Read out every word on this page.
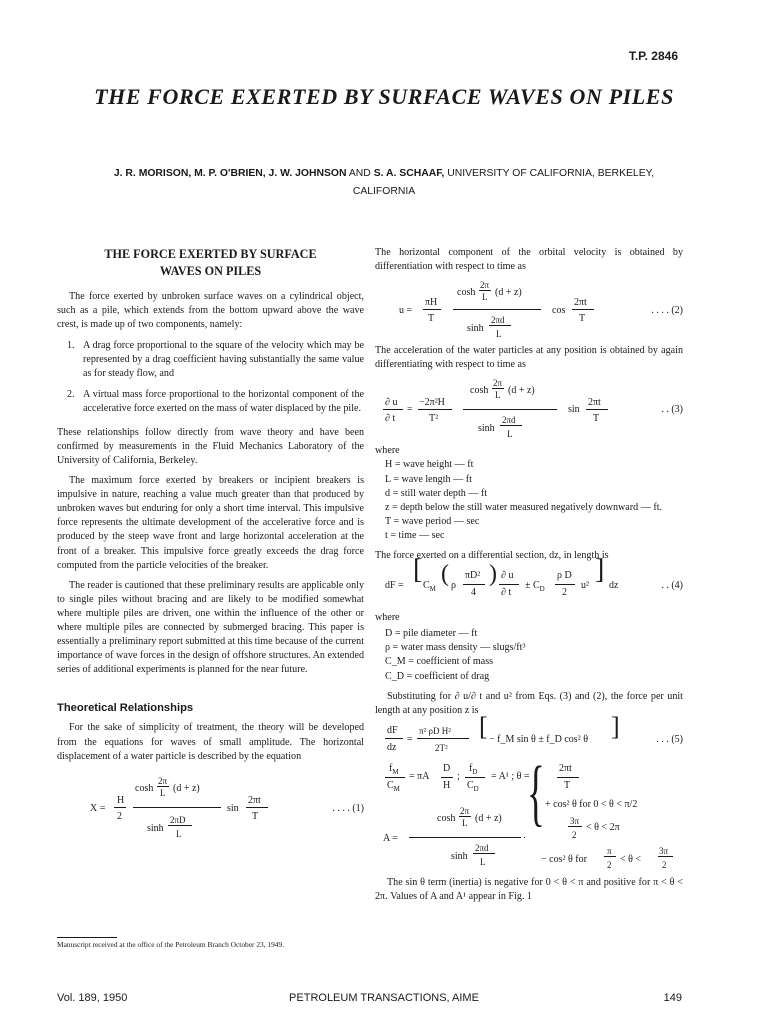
T.P. 2846
THE FORCE EXERTED BY SURFACE WAVES ON PILES
J. R. MORISON, M. P. O'BRIEN, J. W. JOHNSON AND S. A. SCHAAF, UNIVERSITY OF CALIFORNIA, BERKELEY,
CALIFORNIA
THE FORCE EXERTED BY SURFACE
WAVES ON PILES

The force exerted by unbroken surface waves on a cylindrical object, such as a pile, which extends from the bottom upward above the wave crest, is made up of two components, namely:

1. A drag force proportional to the square of the velocity which may be represented by a drag coefficient having substantially the same value as for steady flow, and
2. A virtual mass force proportional to the horizontal component of the accelerative force exerted on the mass of water displaced by the pile.

These relationships follow directly from wave theory and have been confirmed by measurements in the Fluid Mechanics Laboratory of the University of California, Berkeley.

The maximum force exerted by breakers or incipient breakers is impulsive in nature, reaching a value much greater than that produced by unbroken waves but enduring for only a short time interval. This impulsive force represents the ultimate development of the accelerative force and is produced by the steep wave front and large horizontal acceleration at the front of a breaker. This impulsive force greatly exceeds the drag force computed from the particle velocities of the breaker.

The reader is cautioned that these preliminary results are applicable only to single piles without bracing and are likely to be modified somewhat where multiple piles are driven, one within the influence of the other or where multiple piles are connected by submerged bracing. This paper is essentially a preliminary report submitted at this time because of the current importance of wave forces in the design of offshore structures. An extended series of additional experiments is planned for the near future.

Theoretical Relationships

For the sake of simplicity of treatment, the theory will be developed from the equations for waves of small amplitude. The horizontal displacement of a water particle is described by the equation

X =
H
2
cosh
2π
L (d + z)
sinh
2πD
L
sin
2πt
T
. . . . (1)
Manuscript received at the office of the Petroleum Branch October 23, 1949.

The horizontal component of the orbital velocity is obtained by differentiation with respect to time as

u =
πH
T
cosh
2π
L (d + z)
sinh
2πd
L
cos
2πt
T
. . . . (2)

The acceleration of the water particles at any position is obtained by again differentiating with respect to time as

∂ u
∂ t
=
−2π²H
T²
cosh
2π
L (d + z)
sinh
2πd
L
sin
2πt
T
. . (3)
where
H = wave height — ft
L = wave length — ft
d = still water depth — ft
z = depth below the still water measured negatively downward — ft.
T = wave period — sec
t = time — sec

The force exerted on a differential section, dz, in length is

dF =
[
$C_M$
( ρ
πD²
4
) ∂ u
∂ t
± $C_D$
ρ D
2
u²
]
dz	. . (4)
where
D = pile diameter — ft
ρ = water mass density — slugs/ft³
C_M = coefficient of mass
C_D = coefficient of drag

Substituting for ∂ u/∂ t and u² from Eqs. (3) and (2), the force per unit length at any position z is

dF
dz
=
π² ρD H²
2T²
[ − f_M sin θ ± f_D cos² θ ]	. . . (5)
$f_M$
$C_M$
= πA
D
H
;
$f_D$
$C_D$
= A¹ ; θ =
2πt
T
A =
cosh
2π
L (d + z)
sinh
2πd
L
·
{ + cos² θ for 0 < θ < π/2
3π
2
< θ < 2π
− cos² θ for
π
2 < θ <
3π
2

The sin θ term (inertia) is negative for 0 < θ < π and positive for π < θ < 2π. Values of A and A¹ appear in Fig. 1

Vol. 189, 1950	PETROLEUM TRANSACTIONS, AIME	149
